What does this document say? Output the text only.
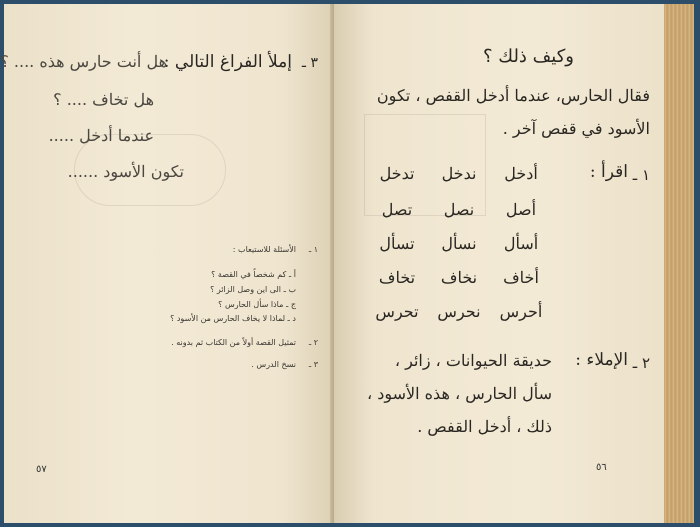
٣ ـ
إملأ الفراغ التالي :
هل أنت حارس هذه .... ؟
هل تخاف .... ؟
عندما أدخل .....
تكون الأسود ......
١ ـ
الأسئلة للاستيعاب :
أ ـ كم شخصاً في القصة ؟
ب ـ الى اين وصل الزائر ؟
ج ـ ماذا سأل الحارس ؟
د ـ لماذا لا يخاف الحارس من الأسود ؟
٢ ـ
تمثيل القصة أولاً من الكتاب ثم بدونه .
٣ ـ
نسخ الدرس .
٥٧
وكيف ذلك ؟
فقال الحارس، عندما أدخل القفص ، تكون
الأسود في قفص آخر .
١ ـ
اقرأ :
أدخل
ندخل
تدخل
أصل
نصل
تصل
أسأل
نسأل
تسأل
أخاف
نخاف
تخاف
أحرس
نحرس
تحرس
٢ ـ
الإملاء :
حديقة الحيوانات ، زائر ،
سأل الحارس ، هذه الأسود ،
ذلك ، أدخل القفص .
٥٦
